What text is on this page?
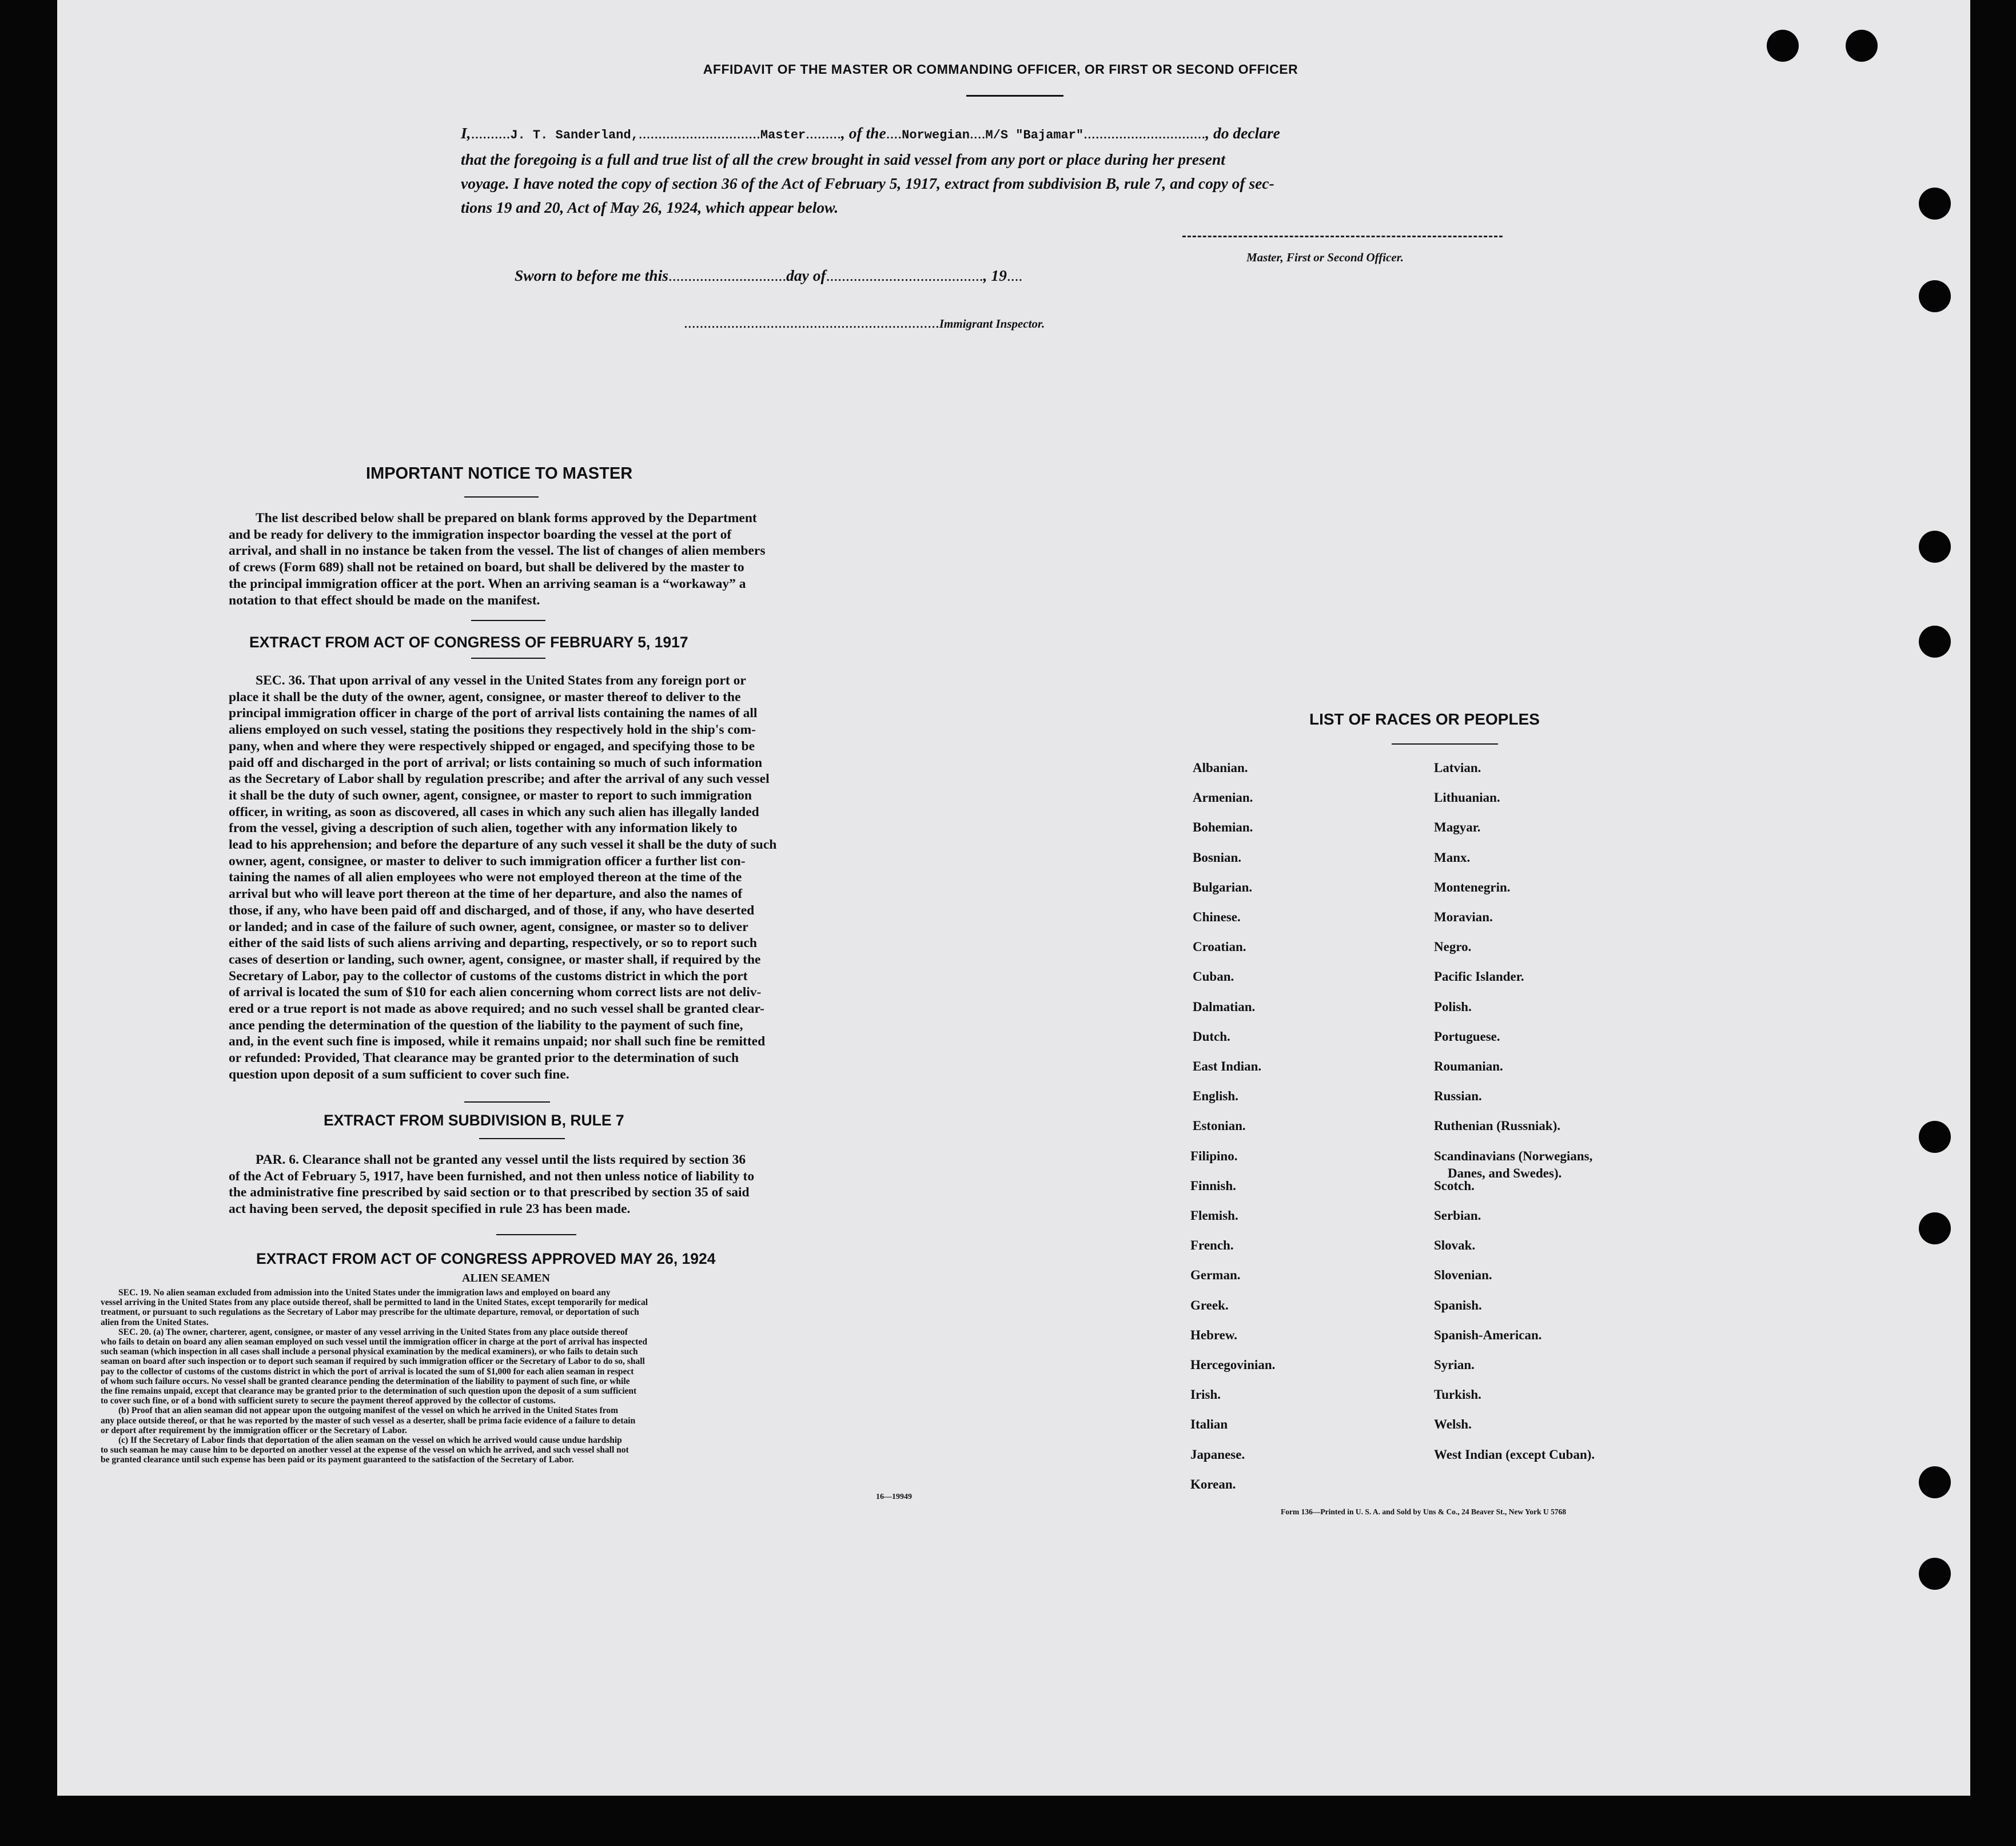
AFFIDAVIT OF THE MASTER OR COMMANDING OFFICER, OR FIRST OR SECOND OFFICER
I,..........J. T. Sanderland,...............................Master........., of the....Norwegian....M/S "Bajamar"..............................., do declare
that the foregoing is a full and true list of all the crew brought in said vessel from any port or place during her present
voyage. I have noted the copy of section 36 of the Act of February 5, 1917, extract from subdivision B, rule 7, and copy of sec-
tions 19 and 20, Act of May 26, 1924, which appear below.
Master, First or Second Officer.
Sworn to before me this..............................day of........................................, 19....
.................................................................Immigrant Inspector.
IMPORTANT NOTICE TO MASTER
The list described below shall be prepared on blank forms approved by the Department
and be ready for delivery to the immigration inspector boarding the vessel at the port of
arrival, and shall in no instance be taken from the vessel. The list of changes of alien members
of crews (Form 689) shall not be retained on board, but shall be delivered by the master to
the principal immigration officer at the port. When an arriving seaman is a “workaway” a
notation to that effect should be made on the manifest.
EXTRACT FROM ACT OF CONGRESS OF FEBRUARY 5, 1917
SEC. 36. That upon arrival of any vessel in the United States from any foreign port or
place it shall be the duty of the owner, agent, consignee, or master thereof to deliver to the
principal immigration officer in charge of the port of arrival lists containing the names of all
aliens employed on such vessel, stating the positions they respectively hold in the ship's com-
pany, when and where they were respectively shipped or engaged, and specifying those to be
paid off and discharged in the port of arrival; or lists containing so much of such information
as the Secretary of Labor shall by regulation prescribe; and after the arrival of any such vessel
it shall be the duty of such owner, agent, consignee, or master to report to such immigration
officer, in writing, as soon as discovered, all cases in which any such alien has illegally landed
from the vessel, giving a description of such alien, together with any information likely to
lead to his apprehension; and before the departure of any such vessel it shall be the duty of such
owner, agent, consignee, or master to deliver to such immigration officer a further list con-
taining the names of all alien employees who were not employed thereon at the time of the
arrival but who will leave port thereon at the time of her departure, and also the names of
those, if any, who have been paid off and discharged, and of those, if any, who have deserted
or landed; and in case of the failure of such owner, agent, consignee, or master so to deliver
either of the said lists of such aliens arriving and departing, respectively, or so to report such
cases of desertion or landing, such owner, agent, consignee, or master shall, if required by the
Secretary of Labor, pay to the collector of customs of the customs district in which the port
of arrival is located the sum of $10 for each alien concerning whom correct lists are not deliv-
ered or a true report is not made as above required; and no such vessel shall be granted clear-
ance pending the determination of the question of the liability to the payment of such fine,
and, in the event such fine is imposed, while it remains unpaid; nor shall such fine be remitted
or refunded: Provided, That clearance may be granted prior to the determination of such
question upon deposit of a sum sufficient to cover such fine.
EXTRACT FROM SUBDIVISION B, RULE 7
PAR. 6. Clearance shall not be granted any vessel until the lists required by section 36
of the Act of February 5, 1917, have been furnished, and not then unless notice of liability to
the administrative fine prescribed by said section or to that prescribed by section 35 of said
act having been served, the deposit specified in rule 23 has been made.
EXTRACT FROM ACT OF CONGRESS APPROVED MAY 26, 1924
ALIEN SEAMEN
SEC. 19. No alien seaman excluded from admission into the United States under the immigration laws and employed on board any
vessel arriving in the United States from any place outside thereof, shall be permitted to land in the United States, except temporarily for medical
treatment, or pursuant to such regulations as the Secretary of Labor may prescribe for the ultimate departure, removal, or deportation of such
alien from the United States.
SEC. 20. (a) The owner, charterer, agent, consignee, or master of any vessel arriving in the United States from any place outside thereof
who fails to detain on board any alien seaman employed on such vessel until the immigration officer in charge at the port of arrival has inspected
such seaman (which inspection in all cases shall include a personal physical examination by the medical examiners), or who fails to detain such
seaman on board after such inspection or to deport such seaman if required by such immigration officer or the Secretary of Labor to do so, shall
pay to the collector of customs of the customs district in which the port of arrival is located the sum of $1,000 for each alien seaman in respect
of whom such failure occurs. No vessel shall be granted clearance pending the determination of the liability to payment of such fine, or while
the fine remains unpaid, except that clearance may be granted prior to the determination of such question upon the deposit of a sum sufficient
to cover such fine, or of a bond with sufficient surety to secure the payment thereof approved by the collector of customs.
(b) Proof that an alien seaman did not appear upon the outgoing manifest of the vessel on which he arrived in the United States from
any place outside thereof, or that he was reported by the master of such vessel as a deserter, shall be prima facie evidence of a failure to detain
or deport after requirement by the immigration officer or the Secretary of Labor.
(c) If the Secretary of Labor finds that deportation of the alien seaman on the vessel on which he arrived would cause undue hardship
to such seaman he may cause him to be deported on another vessel at the expense of the vessel on which he arrived, and such vessel shall not
be granted clearance until such expense has been paid or its payment guaranteed to the satisfaction of the Secretary of Labor.
16—19949
LIST OF RACES OR PEOPLES
Albanian.
Armenian.
Bohemian.
Bosnian.
Bulgarian.
Chinese.
Croatian.
Cuban.
Dalmatian.
Dutch.
East Indian.
English.
Estonian.
Filipino.
Finnish.
Flemish.
French.
German.
Greek.
Hebrew.
Hercegovinian.
Irish.
Italian
Japanese.
Korean.
Latvian.
Lithuanian.
Magyar.
Manx.
Montenegrin.
Moravian.
Negro.
Pacific Islander.
Polish.
Portuguese.
Roumanian.
Russian.
Ruthenian (Russniak).
Scandinavians (Norwegians,
Danes, and Swedes).
Scotch.
Serbian.
Slovak.
Slovenian.
Spanish.
Spanish-American.
Syrian.
Turkish.
Welsh.
West Indian (except Cuban).
Form 136—Printed in U. S. A. and Sold by Uns & Co., 24 Beaver St., New York U 5768
